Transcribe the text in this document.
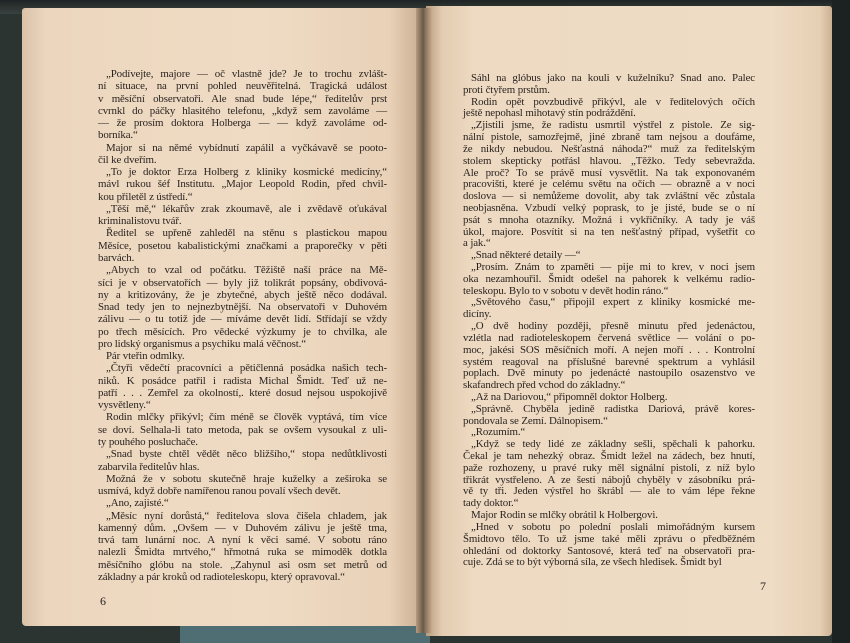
„Podívejte, majore — oč vlastně jde? Je to trochu zvlášt-
ní situace, na první pohled neuvěřitelná. Tragická událost
v měsíční observatoři. Ale snad bude lépe,“ ředitelův prst
cvrnkl do páčky hlasitého telefonu, „když sem zavoláme —
— že prosím doktora Holberga — — když zavoláme od-
borníka.“
Major si na němé vybídnutí zapálil a vyčkávavě se pooto-
čil ke dveřím.
„To je doktor Erza Holberg z kliniky kosmické medicíny,“
mávl rukou šéf Institutu. „Major Leopold Rodin, před chvil-
kou přiletěl z ústředí.“
„Těší mě,“ lékařův zrak zkoumavě, ale i zvědavě oťukával
kriminalistovu tvář.
Ředitel se upřeně zahleděl na stěnu s plastickou mapou
Měsíce, posetou kabalistickými značkami a praporečky v pěti
barvách.
„Abych to vzal od počátku. Těžiště naší práce na Mě-
síci je v observatořích — byly již tolikrát popsány, obdivová-
ny a kritizovány, že je zbytečné, abych ještě něco dodával.
Snad tedy jen to nejnezbytnější. Na observatoři v Duhovém
zálivu — o tu totiž jde — míváme devět lidí. Střídají se vždy
po třech měsících. Pro vědecké výzkumy je to chvilka, ale
pro lidský organismus a psychiku malá věčnost.“
Pár vteřin odmlky.
„Čtyři vědečtí pracovníci a pětičlenná posádka našich tech-
niků. K posádce patřil i radista Michal Šmidt. Teď už ne-
patří . . . Zemřel za okolností,. které dosud nejsou uspokojivě
vysvětleny.“
Rodin mlčky přikývl; čím méně se člověk vyptává, tím více
se doví. Selhala-li tato metoda, pak se ovšem vysoukal z uli-
ty pouhého posluchače.
„Snad byste chtěl vědět něco bližšího,“ stopa nedůtklivosti
zabarvila ředitelův hlas.
Možná že v sobotu skutečně hraje kuželky a zeširoka se
usmívá, když dobře namířenou ranou povalí všech devět.
„Ano, zajisté.“
„Měsíc nyní dorůstá,“ ředitelova slova čišela chladem, jak
kamenný dům. „Ovšem — v Duhovém zálivu je ještě tma,
trvá tam lunární noc. A nyní k věci samé. V sobotu ráno
nalezli Šmidta mrtvého,“ hřmotná ruka se mimoděk dotkla
měsíčního glóbu na stole. „Zahynul asi osm set metrů od
základny a pár kroků od radioteleskopu, který opravoval.“
6
Sáhl na glóbus jako na kouli v kuželníku? Snad ano. Palec
proti čtyřem prstům.
Rodin opět povzbudivě přikývl, ale v ředitelových očích
ještě nepohasl mihotavý stín podráždění.
„Zjistili jsme, že radistu usmrtil výstřel z pistole. Ze sig-
nální pistole, samozřejmě, jiné zbraně tam nejsou a doufáme,
že nikdy nebudou. Nešťastná náhoda?“ muž za ředitelským
stolem skepticky potřásl hlavou. „Těžko. Tedy sebevražda.
Ale proč? To se právě musí vysvětlit. Na tak exponovaném
pracovišti, které je celému světu na očích — obrazně a v noci
doslova — si nemůžeme dovolit, aby tak zvláštní věc zůstala
neobjasněna. Vzbudí velký poprask, to je jisté, bude se o ní
psát s mnoha otazníky. Možná i vykřičníky. A tady je váš
úkol, majore. Posvítit si na ten nešťastný případ, vyšetřit co
a jak.“
„Snad některé detaily —“
„Prosím. Znám to zpaměti — pije mi to krev, v noci jsem
oka nezamhouřil. Šmidt odešel na pahorek k velkému radio-
teleskopu. Bylo to v sobotu v devět hodin ráno.“
„Světového času,“ připojil expert z kliniky kosmické me-
dicíny.
„O dvě hodiny později, přesně minutu před jedenáctou,
vzlétla nad radioteleskopem červená světlice — volání o po-
moc, jakési SOS měsíčních moří. A nejen moří . . . Kontrolní
systém reagoval na příslušné barevné spektrum a vyhlásil
poplach. Dvě minuty po jedenácté nastoupilo osazenstvo ve
skafandrech před vchod do základny.“
„Až na Dariovou,“ připomněl doktor Holberg.
„Správně. Chyběla jedině radistka Dariová, právě kores-
pondovala se Zemí. Dálnopisem.“
„Rozumím.“
„Když se tedy lidé ze základny sešli, spěchali k pahorku.
Čekal je tam nehezký obraz. Šmidt ležel na zádech, bez hnutí,
paže rozhozeny, u pravé ruky měl signální pistoli, z níž bylo
třikrát vystřeleno. A ze šesti nábojů chyběly v zásobníku prá-
vě ty tři. Jeden výstřel ho škrábl — ale to vám lépe řekne
tady doktor.“
Major Rodin se mlčky obrátil k Holbergovi.
„Hned v sobotu po polední poslali mimořádným kursem
Šmidtovo tělo. To už jsme také měli zprávu o předběžném
ohledání od doktorky Santosové, která teď na observatoři pra-
cuje. Zdá se to být výborná síla, ze všech hledisek. Šmidt byl
7
